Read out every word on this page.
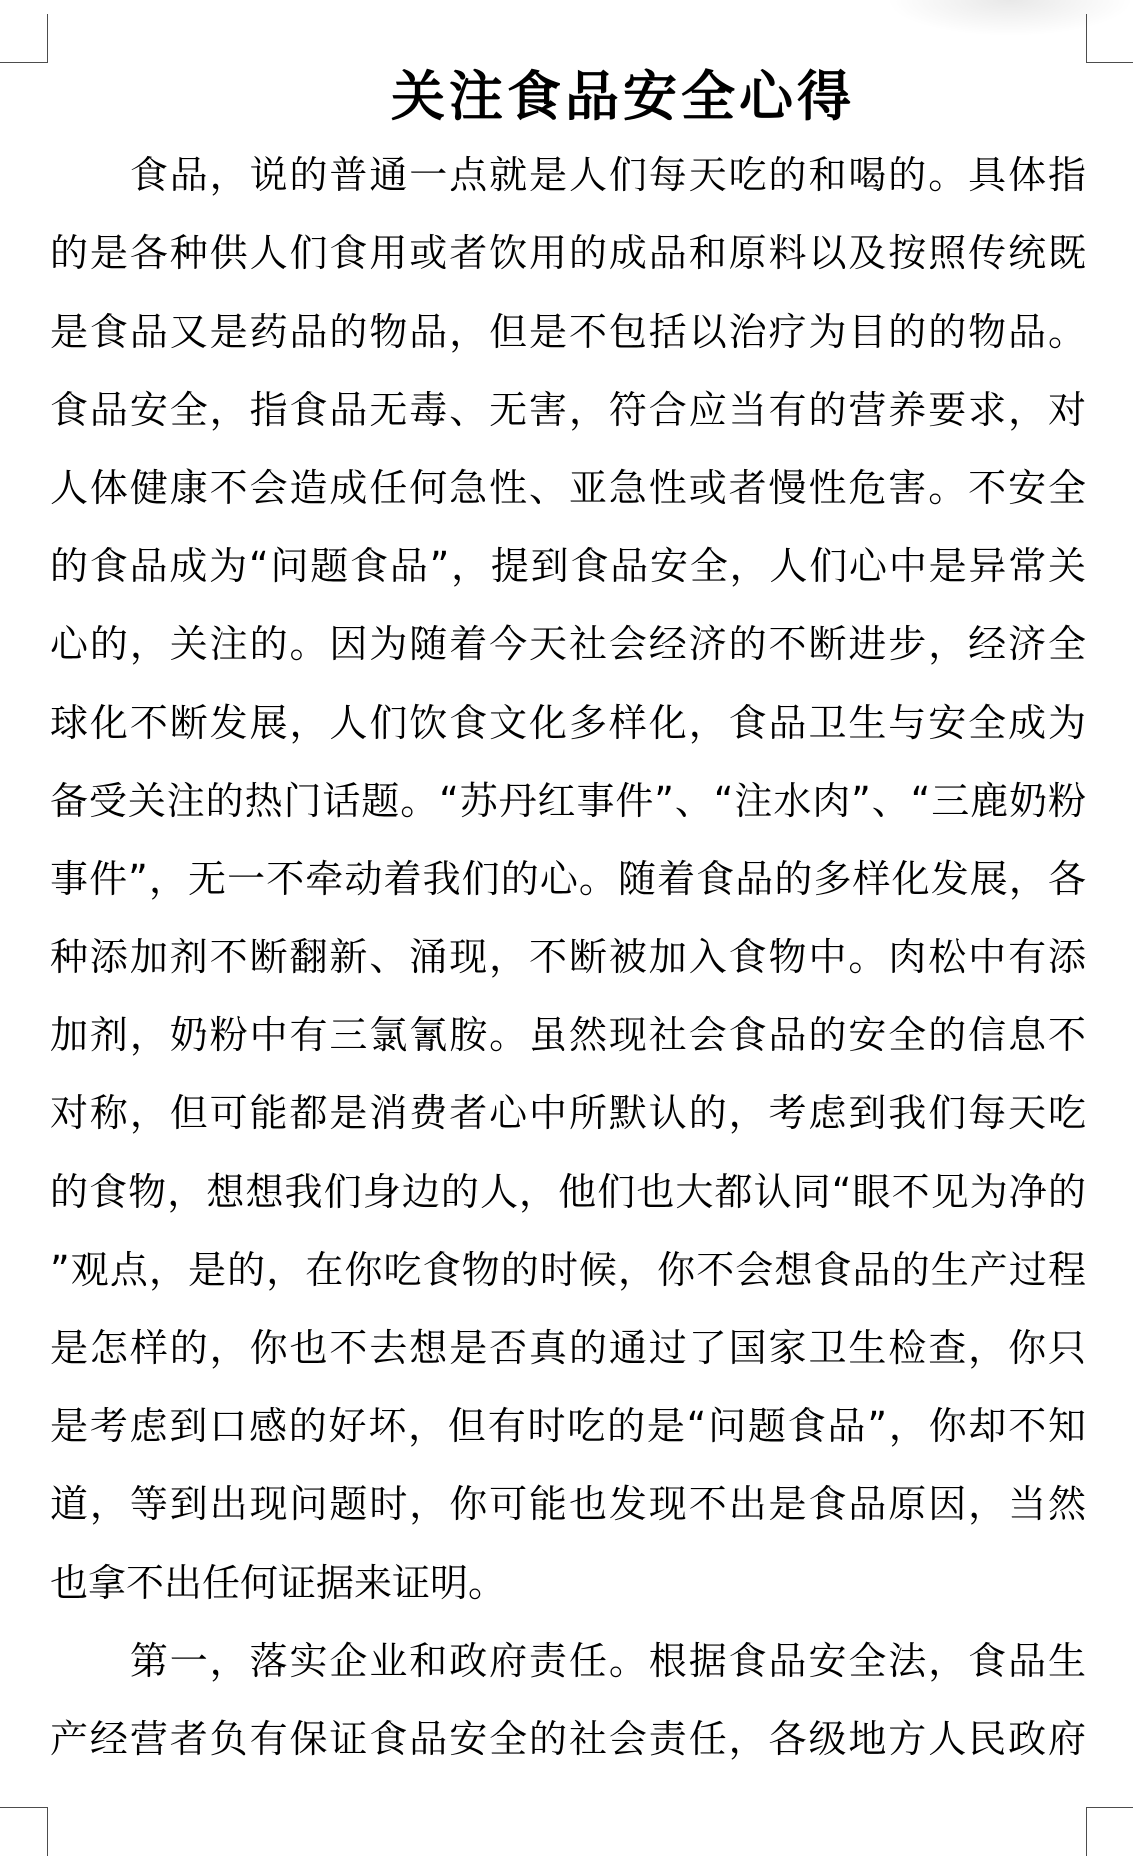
关注食品安全心得
　　食品，说的普通一点就是人们每天吃的和喝的。具体指
的是各种供人们食用或者饮用的成品和原料以及按照传统既
是食品又是药品的物品，但是不包括以治疗为目的的物品。
食品安全，指食品无毒、无害，符合应当有的营养要求，对
人体健康不会造成任何急性、亚急性或者慢性危害。不安全
的食品成为“问题食品”，提到食品安全，人们心中是异常关
心的，关注的。因为随着今天社会经济的不断进步，经济全
球化不断发展，人们饮食文化多样化，食品卫生与安全成为
备受关注的热门话题。“苏丹红事件”、“注水肉”、“三鹿奶粉
事件”，无一不牵动着我们的心。随着食品的多样化发展，各
种添加剂不断翻新、涌现，不断被加入食物中。肉松中有添
加剂，奶粉中有三氯氰胺。虽然现社会食品的安全的信息不
对称，但可能都是消费者心中所默认的，考虑到我们每天吃
的食物，想想我们身边的人，他们也大都认同“眼不见为净的
”观点，是的，在你吃食物的时候，你不会想食品的生产过程
是怎样的，你也不去想是否真的通过了国家卫生检查，你只
是考虑到口感的好坏，但有时吃的是“问题食品”，你却不知
道，等到出现问题时，你可能也发现不出是食品原因，当然
也拿不出任何证据来证明。
　　第一，落实企业和政府责任。根据食品安全法，食品生
产经营者负有保证食品安全的社会责任，各级地方人民政府
